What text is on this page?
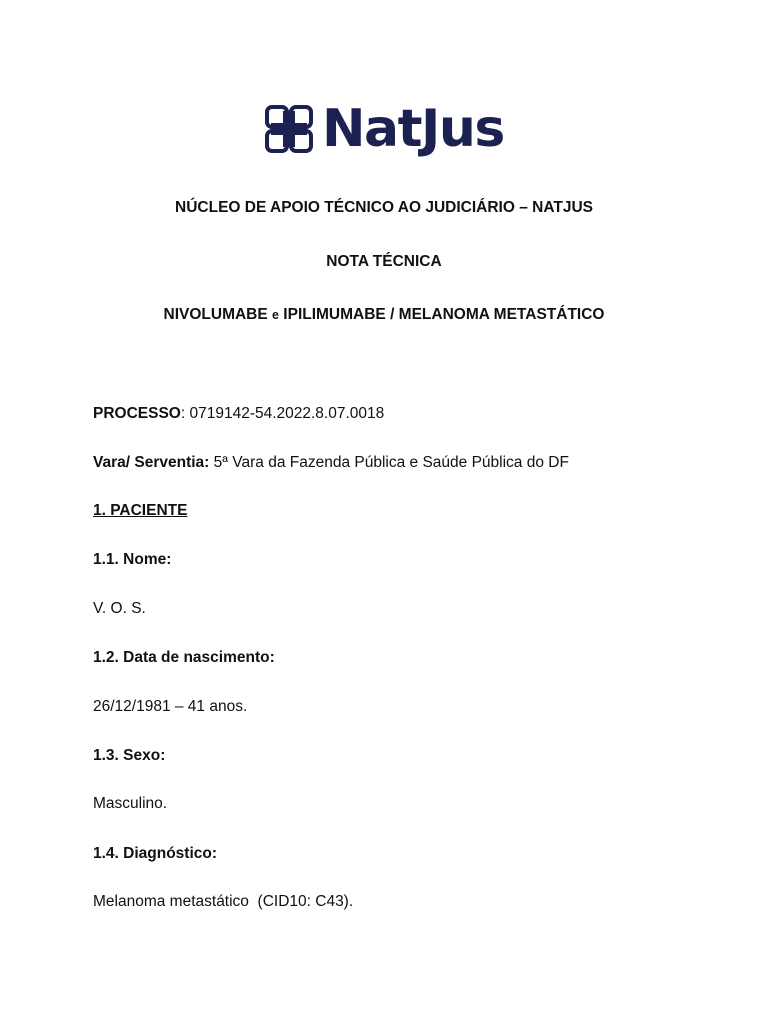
NatJus
NÚCLEO DE APOIO TÉCNICO AO JUDICIÁRIO – NATJUS
NOTA TÉCNICA
NIVOLUMABE e IPILIMUMABE / MELANOMA METASTÁTICO
PROCESSO: 0719142-54.2022.8.07.0018
Vara/ Serventia: 5ª Vara da Fazenda Pública e Saúde Pública do DF
1. PACIENTE
1.1. Nome:
V. O. S.
1.2. Data de nascimento:
26/12/1981 – 41 anos.
1.3. Sexo:
Masculino.
1.4. Diagnóstico:
Melanoma metastático  (CID10: C43).
